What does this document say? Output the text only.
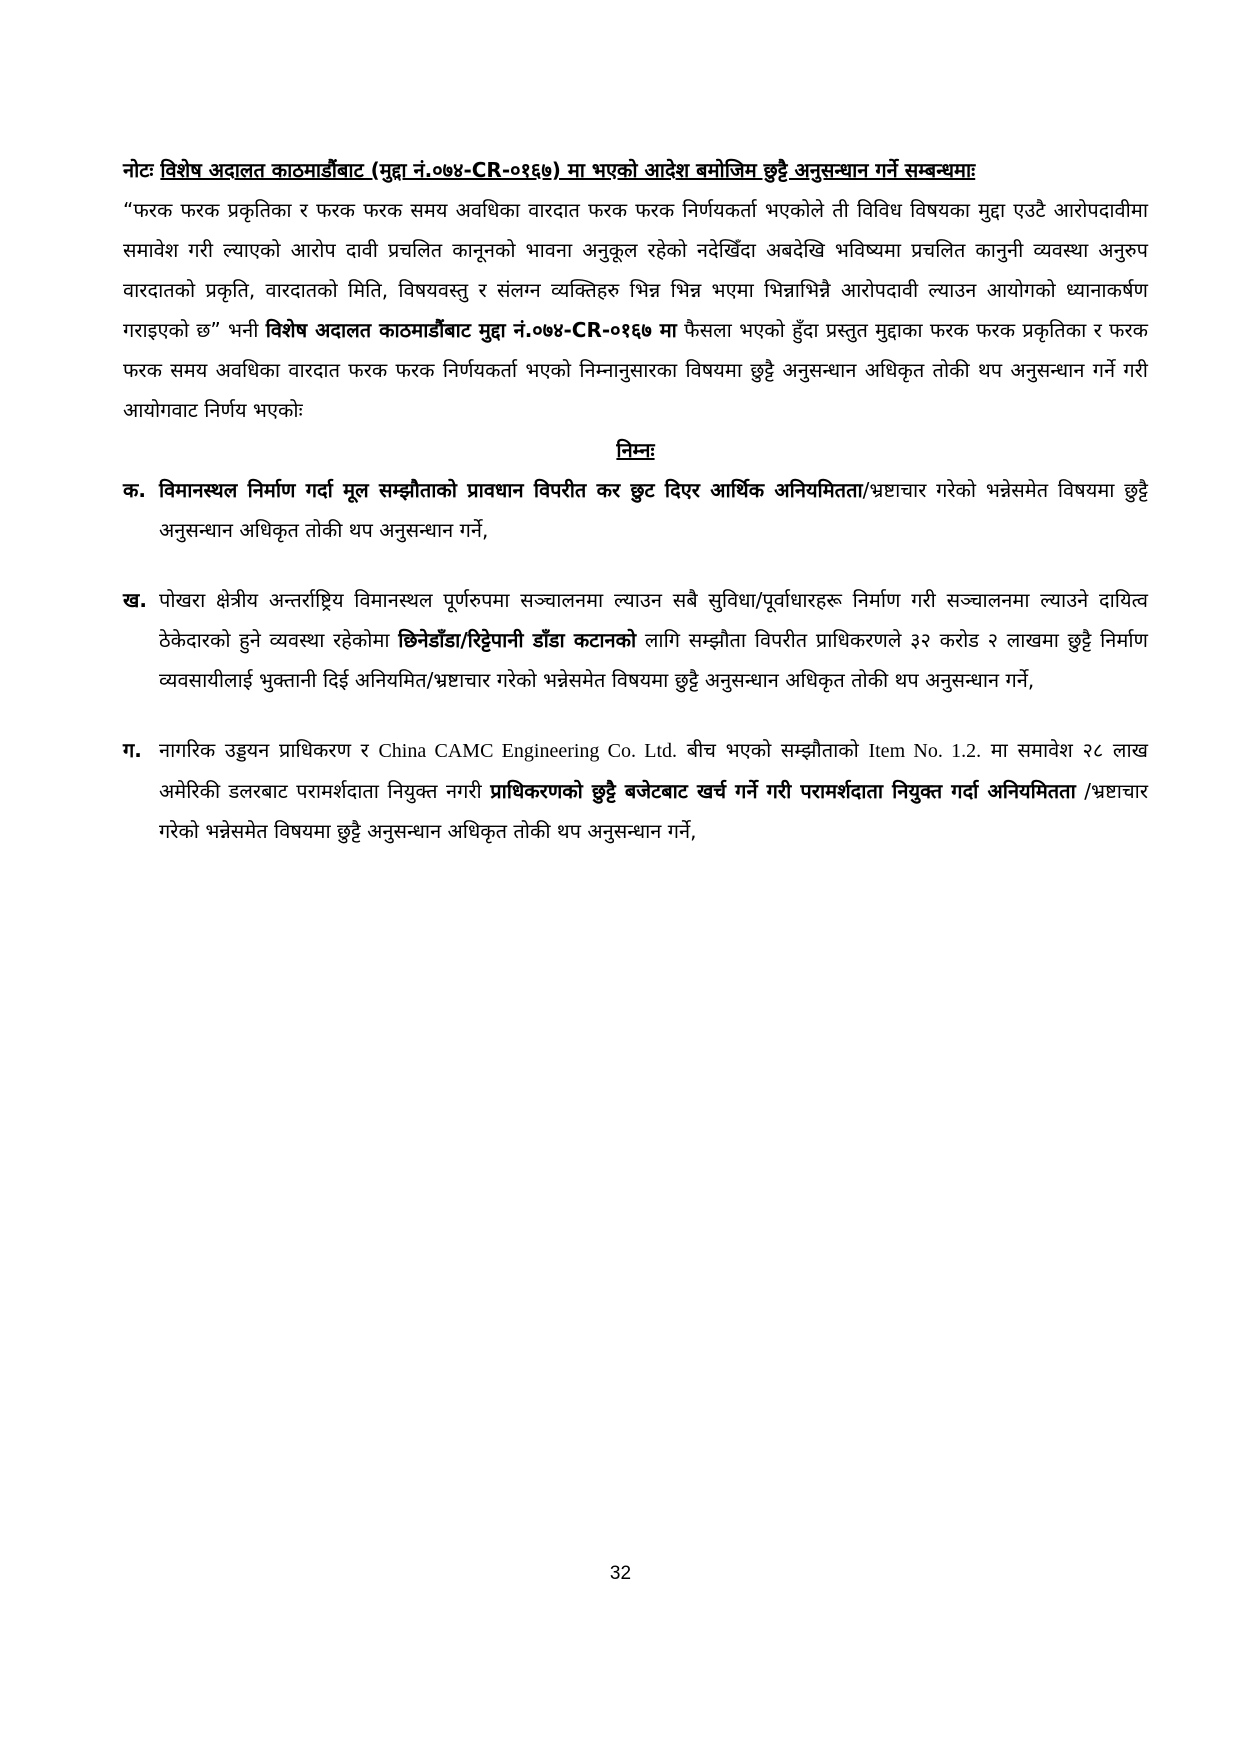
नोटः विशेष अदालत काठमाडौंबाट (मुद्दा नं.०७४-CR-०१६७) मा भएको आदेश बमोजिम छुट्टै अनुसन्धान गर्ने सम्बन्धमाः

“फरक फरक प्रकृतिका र फरक फरक समय अवधिका वारदात फरक फरक निर्णयकर्ता भएकोले ती विविध विषयका मुद्दा एउटै आरोपदावीमा समावेश गरी ल्याएको आरोप दावी प्रचलित कानूनको भावना अनुकूल रहेको नदेखिँदा अबदेखि भविष्यमा प्रचलित कानुनी व्यवस्था अनुरुप वारदातको प्रकृति, वारदातको मिति, विषयवस्तु र संलग्न व्यक्तिहरु भिन्न भिन्न भएमा भिन्नाभिन्नै आरोपदावी ल्याउन आयोगको ध्यानाकर्षण गराइएको छ” भनी विशेष अदालत काठमाडौंबाट मुद्दा नं.०७४-CR-०१६७ मा फैसला भएको हुँदा प्रस्तुत मुद्दाका फरक फरक प्रकृतिका र फरक फरक समय अवधिका वारदात फरक फरक निर्णयकर्ता भएको निम्नानुसारका विषयमा छुट्टै अनुसन्धान अधिकृत तोकी थप अनुसन्धान गर्ने गरी आयोगवाट निर्णय भएकोः

निम्नः

क. विमानस्थल निर्माण गर्दा मूल सम्झौताको प्रावधान विपरीत कर छुट दिएर आर्थिक अनियमितता/भ्रष्टाचार गरेको भन्नेसमेत विषयमा छुट्टै अनुसन्धान अधिकृत तोकी थप अनुसन्धान गर्ने,
ख. पोखरा क्षेत्रीय अन्तर्राष्ट्रिय विमानस्थल पूर्णरुपमा सञ्चालनमा ल्याउन सबै सुविधा/पूर्वाधारहरू निर्माण गरी सञ्चालनमा ल्याउने दायित्व ठेकेदारको हुने व्यवस्था रहेकोमा छिनेडाँडा/रिट्टेपानी डाँडा कटानको लागि सम्झौता विपरीत प्राधिकरणले ३२ करोड २ लाखमा छुट्टै निर्माण व्यवसायीलाई भुक्तानी दिई अनियमित/भ्रष्टाचार गरेको भन्नेसमेत विषयमा छुट्टै अनुसन्धान अधिकृत तोकी थप अनुसन्धान गर्ने,
ग. नागरिक उड्डयन प्राधिकरण र China CAMC Engineering Co. Ltd. बीच भएको सम्झौताको Item No. 1.2. मा समावेश २८ लाख अमेरिकी डलरबाट परामर्शदाता नियुक्त नगरी प्राधिकरणको छुट्टै बजेटबाट खर्च गर्ने गरी परामर्शदाता नियुक्त गर्दा अनियमितता /भ्रष्टाचार गरेको भन्नेसमेत विषयमा छुट्टै अनुसन्धान अधिकृत तोकी थप अनुसन्धान गर्ने,
32
